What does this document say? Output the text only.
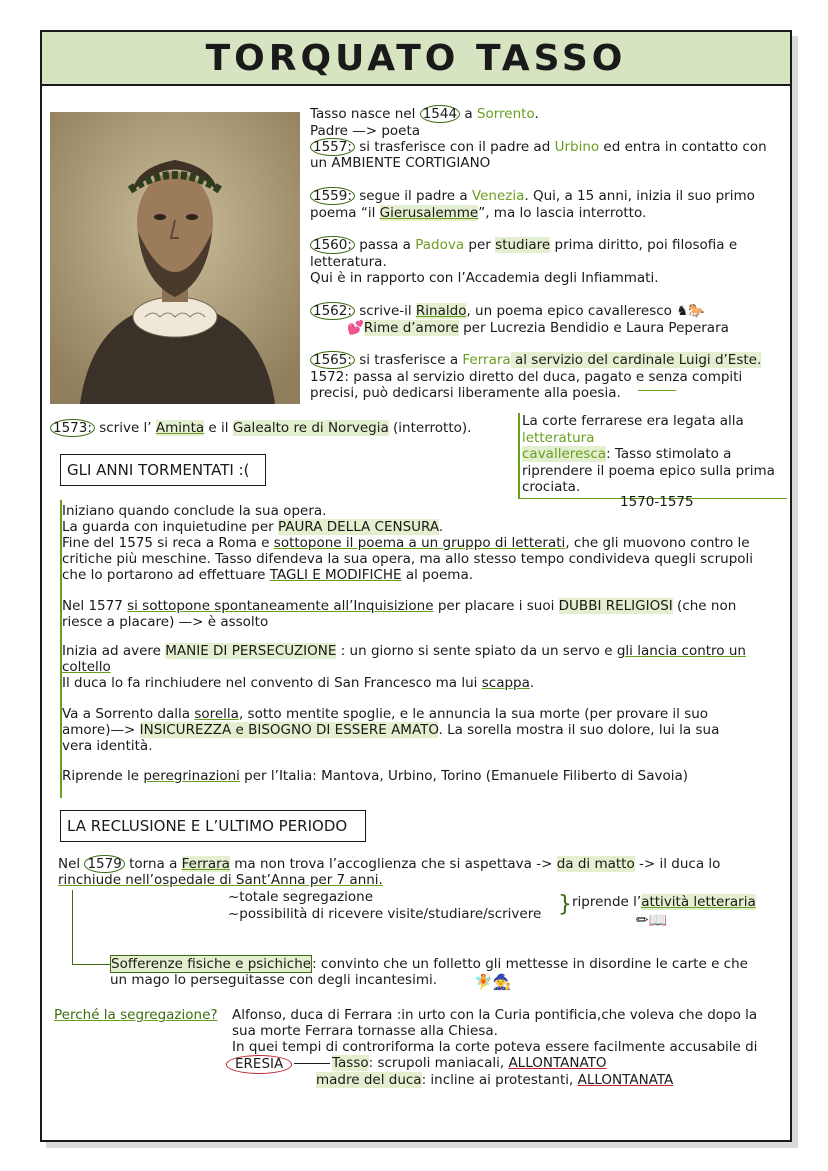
TORQUATO TASSO
Tasso nasce nel 1544 a Sorrento.
Padre —> poeta
1557: si trasferisce con il padre ad Urbino ed entra in contatto con
un AMBIENTE CORTIGIANO
1559: segue il padre a Venezia. Qui, a 15 anni, inizia il suo primo
poema “il Gierusalemme”, ma lo lascia interrotto.
1560: passa a Padova per studiare prima diritto, poi filosofia e
letteratura.
Qui è in rapporto con l’Accademia degli Infiammati.
1562: scrive-il Rinaldo, un poema epico cavalleresco ♞🐎
💕Rime d’amore per Lucrezia Bendidio e Laura Peperara
1565: si trasferisce a Ferrara al servizio del cardinale Luigi d’Este.
1572: passa al servizio diretto del duca, pagato e senza compiti
precisi, può dedicarsi liberamente alla poesia.
1573: scrive l’ Aminta e il Galealto re di Norvegia (interrotto).	La corte ferrarese era legata alla
letteratura
cavalleresca: Tasso stimolato a
riprendere il poema epico sulla prima
crociata.
1570-1575
GLI ANNI TORMENTATI :(
Iniziano quando conclude la sua opera.
La guarda con inquietudine per PAURA DELLA CENSURA.
Fine del 1575 si reca a Roma e sottopone il poema a un gruppo di letterati, che gli muovono contro le
critiche più meschine. Tasso difendeva la sua opera, ma allo stesso tempo condivideva quegli scrupoli
che lo portarono ad effettuare TAGLI E MODIFICHE al poema.
Nel 1577 si sottopone spontaneamente all’Inquisizione per placare i suoi DUBBI RELIGIOSI (che non
riesce a placare) —> è assolto
Inizia ad avere MANIE DI PERSECUZIONE : un giorno si sente spiato da un servo e gli lancia contro un
coltello
Il duca lo fa rinchiudere nel convento di San Francesco ma lui scappa.
Va a Sorrento dalla sorella, sotto mentite spoglie, e le annuncia la sua morte (per provare il suo
amore)—> INSICUREZZA e BISOGNO DI ESSERE AMATO. La sorella mostra il suo dolore, lui la sua
vera identità.
Riprende le peregrinazioni per l’Italia: Mantova, Urbino, Torino (Emanuele Filiberto di Savoia)
LA RECLUSIONE E L’ULTIMO PERIODO
Nel 1579 torna a Ferrara ma non trova l’accoglienza che si aspettava -> da di matto -> il duca lo
rinchiude nell’ospedale di Sant’Anna per 7 anni.
~totale segregazione
~possibilità di ricevere visite/studiare/scrivere } riprende l’attività letteraria
✏📖
Sofferenze fisiche e psichiche: convinto che un folletto gli mettesse in disordine le carte e che
un mago lo perseguitasse con degli incantesimi. 🧚🧙
Perché la segregazione? Alfonso, duca di Ferrara :in urto con la Curia pontificia,che voleva che dopo la
sua morte Ferrara tornasse alla Chiesa.
In quei tempi di controriforma la corte poteva essere facilmente accusabile di
ERESIA	Tasso: scrupoli maniacali, ALLONTANATO
madre del duca: incline ai protestanti, ALLONTANATA
